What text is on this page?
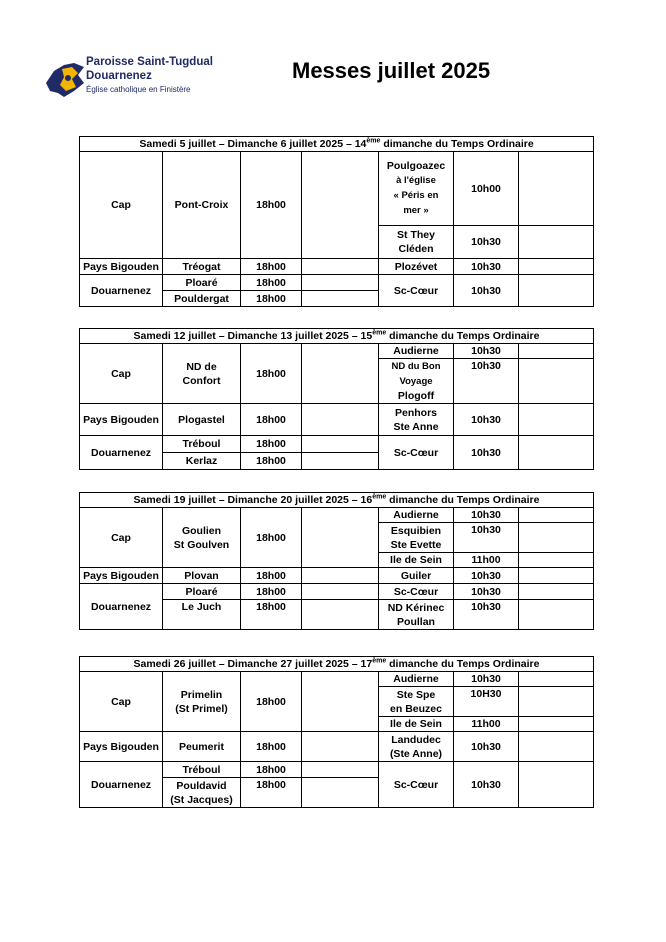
Paroisse Saint-Tugdual
Douarnenez
Église catholique en Finistère
Messes juillet 2025
Samedi 5 juillet – Dimanche 6 juillet 2025 – 14ème dimanche du Temps Ordinaire						
Cap	Pont-Croix	18h00		Poulgoazec
à l'église
« Péris en
mer »	10h00	
				St They
Cléden	10h30	
Pays Bigouden	Tréogat	18h00		Plozévet	10h30	
Douarnenez	Ploaré	18h00		Sc-Cœur	10h30	
	Pouldergat	18h00				
Samedi 12 juillet – Dimanche 13 juillet 2025 – 15ème dimanche du Temps Ordinaire						
Cap	ND de
Confort	18h00		Audierne	10h30	
				ND du Bon
Voyage
Plogoff	10h30	
Pays Bigouden	Plogastel	18h00		Penhors
Ste Anne	10h30	
Douarnenez	Tréboul	18h00		Sc-Cœur	10h30	
	Kerlaz	18h00				
Samedi 19 juillet – Dimanche 20 juillet 2025 – 16ème dimanche du Temps Ordinaire						
Cap	Goulien
St Goulven	18h00		Audierne	10h30	
				Esquibien
Ste Evette	10h30	
				Ile de Sein	11h00	
Pays Bigouden	Plovan	18h00		Guiler	10h30	
Douarnenez	Ploaré	18h00		Sc-Cœur	10h30	
	Le Juch	18h00		ND Kérinec
Poullan	10h30	
Samedi 26 juillet – Dimanche 27 juillet 2025 – 17ème dimanche du Temps Ordinaire						
Cap	Primelin
(St Primel)	18h00		Audierne	10h30	
				Ste Spe
en Beuzec	10H30	
				Ile de Sein	11h00	
Pays Bigouden	Peumerit	18h00		Landudec
(Ste Anne)	10h30	
Douarnenez	Tréboul	18h00		Sc-Cœur	10h30	
	Pouldavid
(St Jacques)	18h00				
